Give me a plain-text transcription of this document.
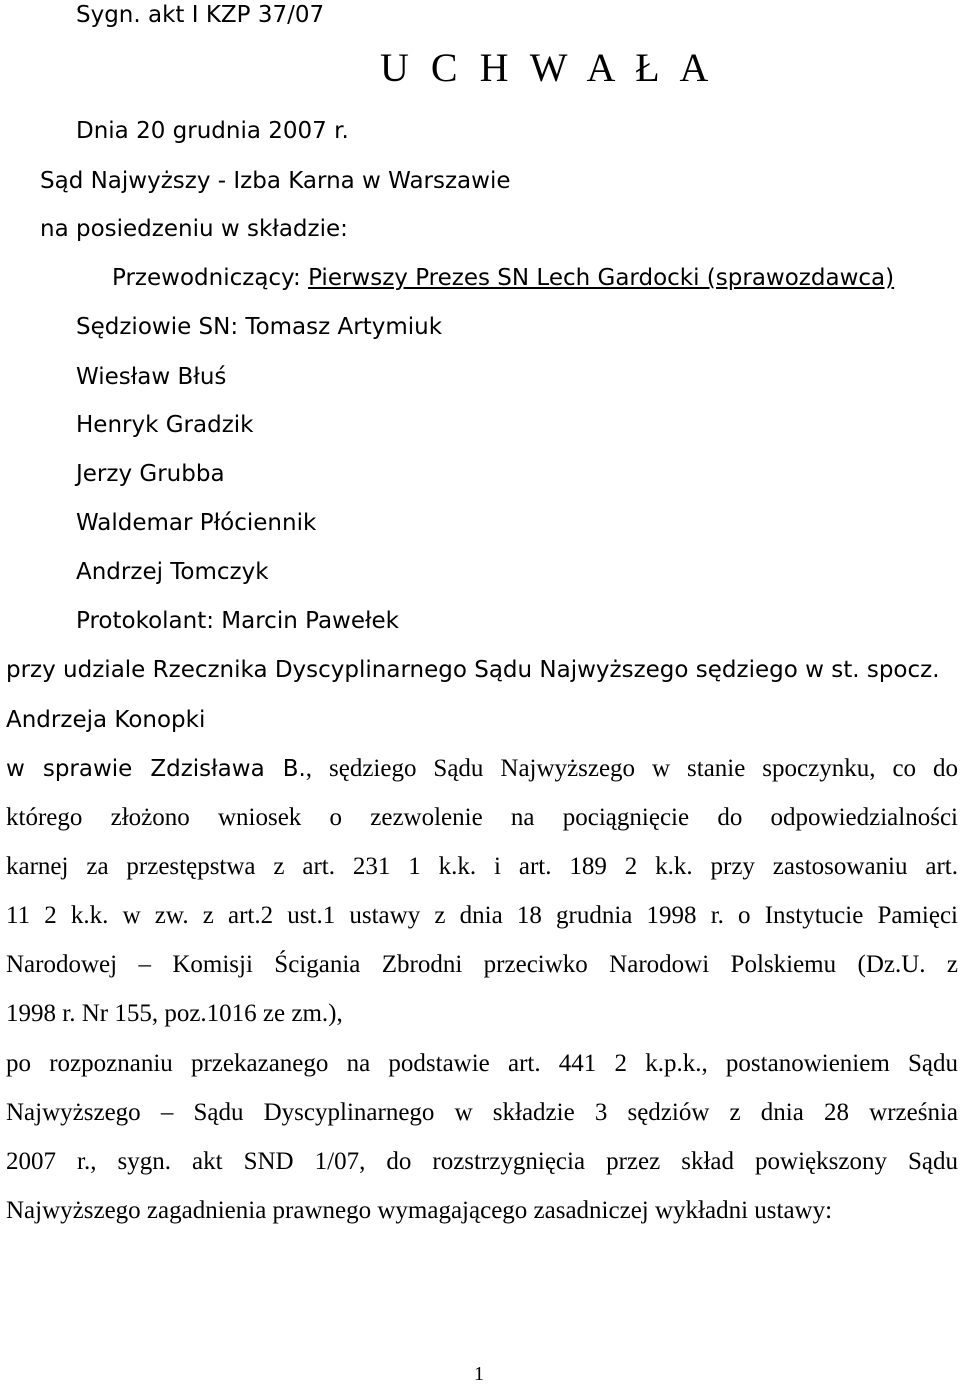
Sygn. akt I KZP 37/07

U C H W A Ł A

Dnia 20 grudnia 2007 r.

Sąd Najwyższy - Izba Karna w Warszawie

na posiedzeniu w składzie:

Przewodniczący: Pierwszy Prezes SN Lech Gardocki (sprawozdawca)

Sędziowie SN: Tomasz Artymiuk

Wiesław Błuś

Henryk Gradzik

Jerzy Grubba

Waldemar Płóciennik

Andrzej Tomczyk

Protokolant: Marcin Pawełek

przy udziale Rzecznika Dyscyplinarnego Sądu Najwyższego sędziego w st. spocz.

Andrzeja Konopki

w sprawie Zdzisława B., sędziego Sądu Najwyższego w stanie spoczynku, co do
którego złożono wniosek o zezwolenie na pociągnięcie do odpowiedzialności
karnej za przestępstwa z art. 231 1 k.k. i art. 189 2 k.k. przy zastosowaniu art.
11 2 k.k. w zw. z art.2 ust.1 ustawy z dnia 18 grudnia 1998 r. o Instytucie Pamięci
Narodowej – Komisji Ścigania Zbrodni przeciwko Narodowi Polskiemu (Dz.U. z
1998 r. Nr 155, poz.1016 ze zm.),
po rozpoznaniu przekazanego na podstawie art. 441 2 k.p.k., postanowieniem Sądu
Najwyższego – Sądu Dyscyplinarnego w składzie 3 sędziów z dnia 28 września
2007 r., sygn. akt SND 1/07, do rozstrzygnięcia przez skład powiększony Sądu
Najwyższego zagadnienia prawnego wymagającego zasadniczej wykładni ustawy:
1
